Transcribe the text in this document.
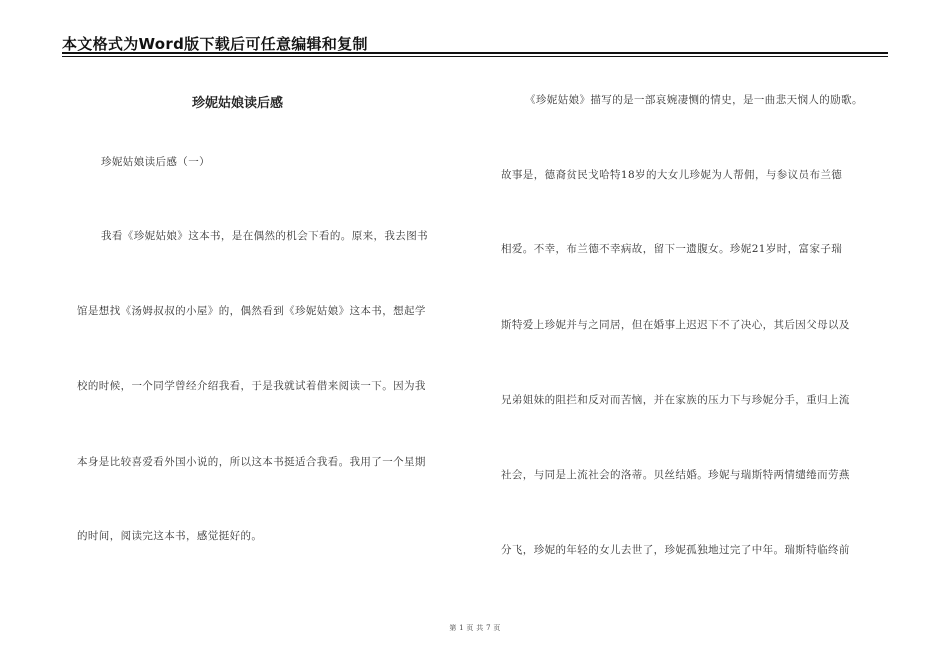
本文格式为Word版下载后可任意编辑和复制
珍妮姑娘读后感
珍妮姑娘读后感（一）
我看《珍妮姑娘》这本书，是在偶然的机会下看的。原来，我去图书
馆是想找《汤姆叔叔的小屋》的，偶然看到《珍妮姑娘》这本书，想起学
校的时候，一个同学曾经介绍我看，于是我就试着借来阅读一下。因为我
本身是比较喜爱看外国小说的，所以这本书挺适合我看。我用了一个星期
的时间，阅读完这本书，感觉挺好的。
《珍妮姑娘》描写的是一部哀婉凄恻的情史，是一曲悲天悯人的励歌。
故事是，德裔贫民戈哈特18岁的大女儿珍妮为人帮佣，与参议员布兰德
相爱。不幸，布兰德不幸病故，留下一遗腹女。珍妮21岁时，富家子瑞
斯特爱上珍妮并与之同居，但在婚事上迟迟下不了决心，其后因父母以及
兄弟姐妹的阻拦和反对而苦恼，并在家族的压力下与珍妮分手，重归上流
社会，与同是上流社会的洛蒂。贝丝结婚。珍妮与瑞斯特两情缱绻而劳燕
分飞，珍妮的年轻的女儿去世了，珍妮孤独地过完了中年。瑞斯特临终前
第 1 页 共 7 页
